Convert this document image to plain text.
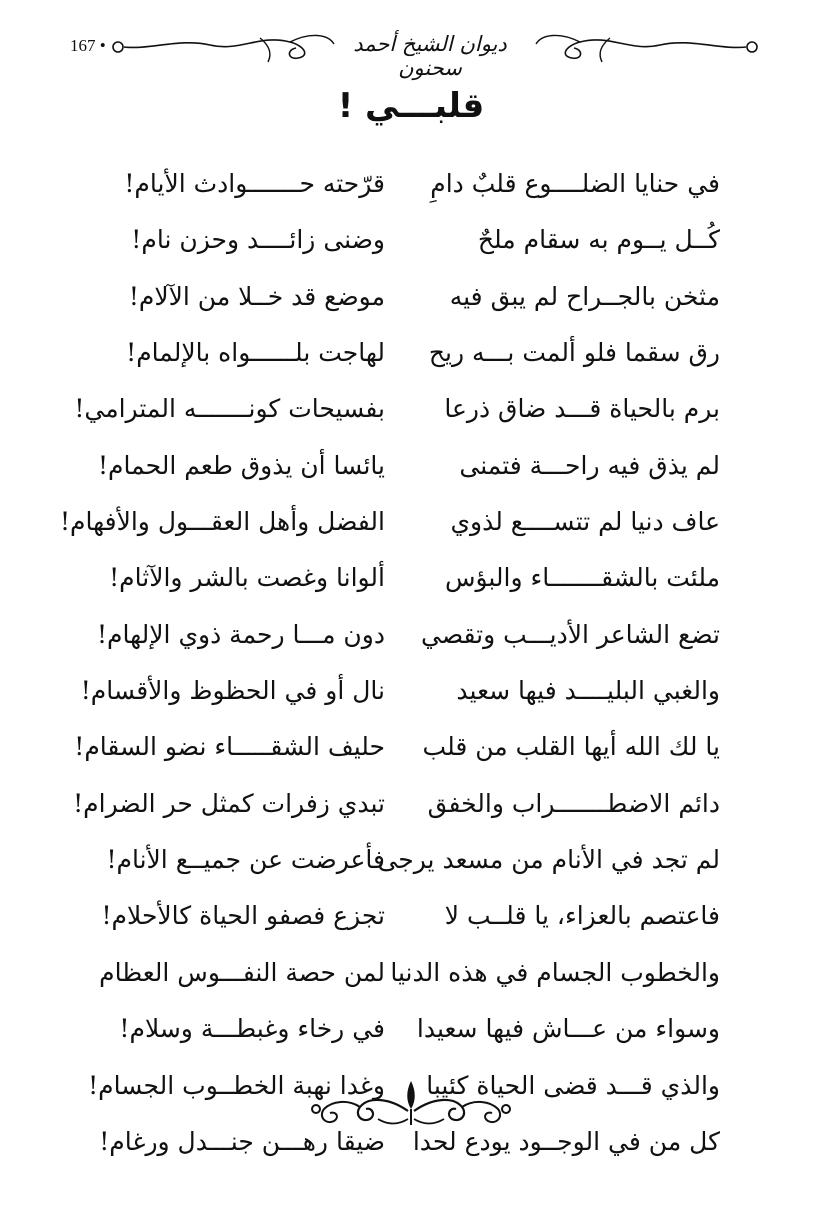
167 •	ديوان الشيخ أحمد سحنون
قلبـــي !
في حنايا الضلــــوع قلبٌ دامِ
قرّحته حـــــــوادث الأيام!
كُــل يــوم به سقام ملحٌ
وضنى زائــــد وحزن نام!
مثخن بالجــراح لم يبق فيه
موضع قد خــلا من الآلام!
رق سقما فلو ألمت بـــه ريح
لهاجت بلــــــواه بالإلمام!
برم بالحياة قـــد ضاق ذرعا
بفسيحات كونـــــــه المترامي!
لم يذق فيه راحـــة فتمنى
يائسا أن يذوق طعم الحمام!
عاف دنيا لم تتســــع لذوي
الفضل وأهل العقـــول والأفهام!
ملئت بالشقـــــــاء والبؤس
ألوانا وغصت بالشر والآثام!
تضع الشاعر الأديـــب وتقصي
دون مـــا رحمة ذوي الإلهام!
والغبي البليــــد فيها سعيد
نال أو في الحظوظ والأقسام!
يا لك الله أيها القلب من قلب
حليف الشقـــــاء نضو السقام!
دائم الاضطـــــــراب والخفق
تبدي زفرات كمثل حر الضرام!
لم تجد في الأنام من مسعد يرجى
فأعرضت عن جميــع الأنام!
فاعتصم بالعزاء، يا قلــب لا
تجزع فصفو الحياة كالأحلام!
والخطوب الجسام في هذه الدنيا
لمن حصة النفـــوس العظام
وسواء من عـــاش فيها سعيدا
في رخاء وغبطـــة وسلام!
والذي قـــد قضى الحياة كئيبا
وغدا نهبة الخطــوب الجسام!
كل من في الوجــود يودع لحدا
ضيقا رهـــن جنـــدل ورغام!
